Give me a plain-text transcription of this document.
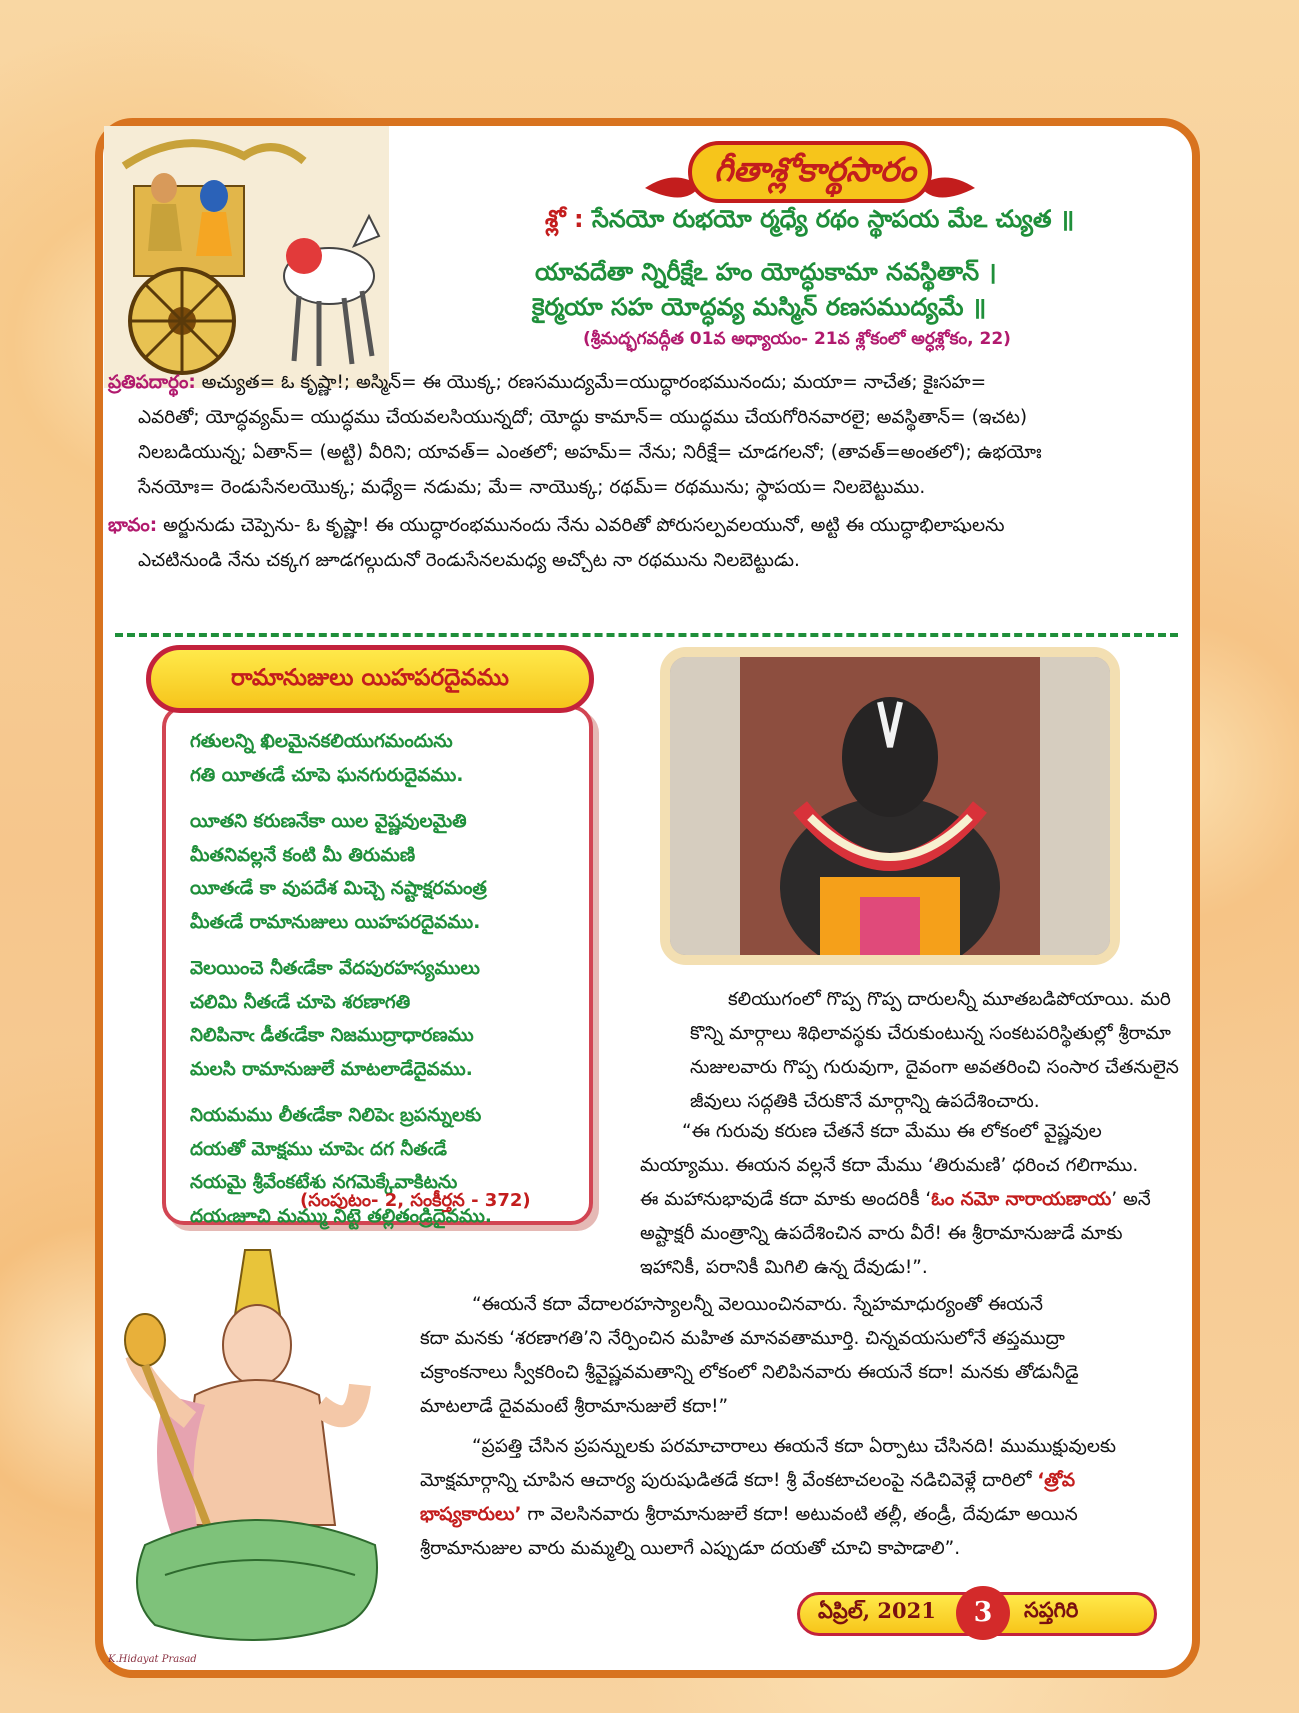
గీతాశ్లోకార్థసారం
శ్లో : సేనయో రుభయో ర్మధ్యే రథం స్థాపయ మేఽ చ్యుత ॥
యావదేతా న్నిరీక్షేఽ హం యోద్ధుకామా నవస్థితాన్ ।
కైర్మయా సహ యోద్ధవ్య మస్మిన్ రణసముద్యమే ॥
(శ్రీమద్భగవద్గీత 01వ అధ్యాయం- 21వ శ్లోకంలో అర్ధశ్లోకం, 22)
ప్రతిపదార్థం: అచ్యుత= ఓ కృష్ణా!; అస్మిన్= ఈ యొక్క; రణసముద్యమే=యుద్ధారంభమునందు; మయా= నాచేత; కైఃసహ=
ఎవరితో; యోద్ధవ్యమ్= యుద్ధము చేయవలసియున్నదో; యోద్ధు కామాన్= యుద్ధము చేయగోరినవారలై; అవస్థితాన్= (ఇచట)
నిలబడియున్న; ఏతాన్= (అట్టి) వీరిని; యావత్= ఎంతలో; అహమ్= నేను; నిరీక్షే= చూడగలనో; (తావత్=అంతలో); ఉభయోః
సేనయోః= రెండుసేనలయొక్క; మధ్యే= నడుమ; మే= నాయొక్క; రథమ్= రథమును; స్థాపయ= నిలబెట్టుము.
భావం: అర్జునుడు చెప్పెను- ఓ కృష్ణా! ఈ యుద్ధారంభమునందు నేను ఎవరితో పోరుసల్పవలయునో, అట్టి ఈ యుద్ధాభిలాషులను
ఎచటినుండి నేను చక్కగ జూడగల్గుదునో రెండుసేనలమధ్య అచ్చోట నా రథమును నిలబెట్టుడు.
రామానుజులు యిహపరదైవము
గతులన్ని ఖిలమైనకలియుగమందును
గతి యీతఁడే చూపె ఘనగురుదైవము.
యీతని కరుణనేకా యిల వైష్ణవులమైతి
మీతనివల్లనే కంటి మీ తిరుమణి
యీతఁడే కా వుపదేశ మిచ్చె నష్టాక్షరమంత్ర
మీతఁడే రామానుజులు యిహపరదైవము.
వెలయించె నీతఁడేకా వేదపురహస్యములు
చలిమి నీతఁడే చూపె శరణాగతి
నిలిపినాఁ డీతఁడేకా నిజముద్రాధారణము
మలసి రామానుజులే మాటలాడేదైవము.
నియమము లీతఁడేకా నిలిపెఁ బ్రపన్నులకు
దయతో మోక్షము చూపెఁ దగ నీతఁడే
నయమై శ్రీవేంకటేశు నగమెక్కేవాకిటను
దయఁజూచి మమ్ము నిట్టె తల్లితండ్రిదైవము.
(సంపుటం- 2, సంకీర్తన - 372)
కలియుగంలో గొప్ప గొప్ప దారులన్నీ మూతబడిపోయాయి. మరి
కొన్ని మార్గాలు శిథిలావస్థకు చేరుకుంటున్న సంకటపరిస్థితుల్లో శ్రీరామా
నుజులవారు గొప్ప గురువుగా, దైవంగా అవతరించి సంసార చేతనులైన
జీవులు సద్గతికి చేరుకొనే మార్గాన్ని ఉపదేశించారు.
“ఈ గురువు కరుణ చేతనే కదా మేము ఈ లోకంలో వైష్ణవుల
మయ్యాము. ఈయన వల్లనే కదా మేము ‘తిరుమణి’ ధరించ గలిగాము.
ఈ మహానుభావుడే కదా మాకు అందరికీ ‘ఓం నమో నారాయణాయ’ అనే
అష్టాక్షరీ మంత్రాన్ని ఉపదేశించిన వారు వీరే! ఈ శ్రీరామానుజుడే మాకు
ఇహానికీ, పరానికీ మిగిలి ఉన్న దేవుడు!”.
“ఈయనే కదా వేదాలరహస్యాలన్నీ వెలయించినవారు. స్నేహమాధుర్యంతో ఈయనే
కదా మనకు ‘శరణాగతి’ని నేర్పించిన మహిత మానవతామూర్తి. చిన్నవయసులోనే తప్తముద్రా
చక్రాంకనాలు స్వీకరించి శ్రీవైష్ణవమతాన్ని లోకంలో నిలిపినవారు ఈయనే కదా! మనకు తోడునీడై
మాటలాడే దైవమంటే శ్రీరామానుజులే కదా!”
“ప్రపత్తి చేసిన ప్రపన్నులకు పరమాచారాలు ఈయనే కదా ఏర్పాటు చేసినది! ముముక్షువులకు
మోక్షమార్గాన్ని చూపిన ఆచార్య పురుషుడితడే కదా! శ్రీ వేంకటాచలంపై నడిచివెళ్లే దారిలో ‘త్రోవ
భాష్యకారులు’ గా వెలసినవారు శ్రీరామానుజులే కదా! అటువంటి తల్లీ, తండ్రీ, దేవుడూ అయిన
శ్రీరామానుజుల వారు మమ్మల్ని యిలాగే ఎప్పుడూ దయతో చూచి కాపాడాలి”.
K.Hidayat Prasad
ఏప్రిల్, 2021	3	సప్తగిరి
